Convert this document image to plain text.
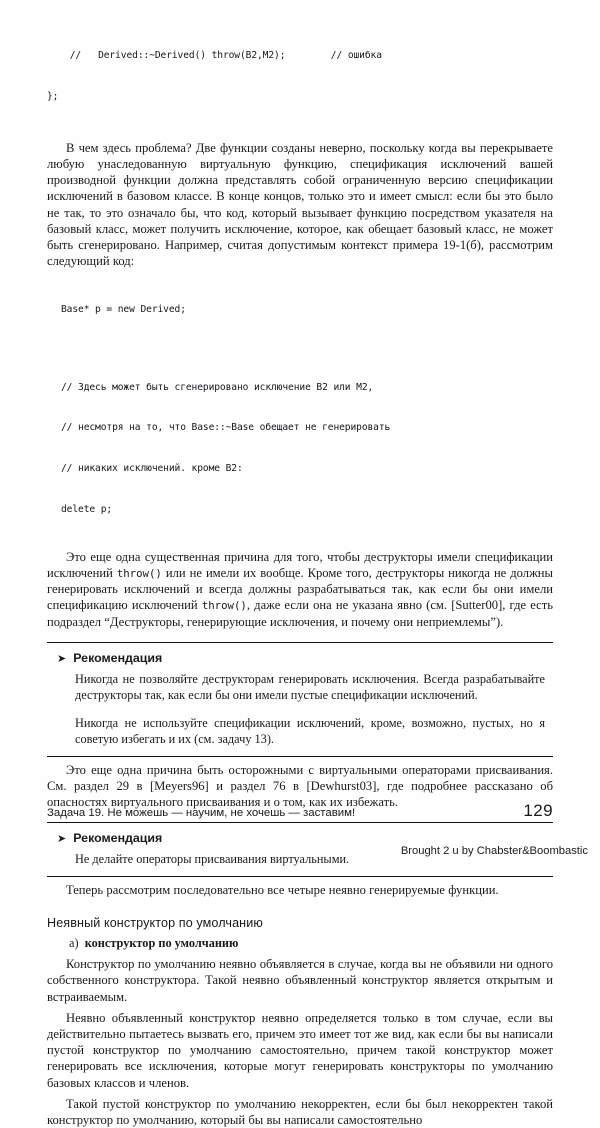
//   Derived::~Derived() throw(B2,M2);        // ошибка

};

В чем здесь проблема? Две функции созданы неверно, поскольку когда вы перекрываете любую унаследованную виртуальную функцию, спецификация исключений вашей производной функции должна представлять собой ограниченную версию спецификации исключений в базовом классе. В конце концов, только это и имеет смысл: если бы это было не так, то это означало бы, что код, который вызывает функцию посредством указателя на базовый класс, может получить исключение, которое, как обещает базовый класс, не может быть сгенерировано. Например, считая допустимым контекст примера 19-1(б), рассмотрим следующий код:

Base* p = new Derived;

// Здесь может быть сгенерировано исключение B2 или M2,

// несмотря на то, что Base::~Base обещает не генерировать

// никаких исключений. кроме B2:

delete p;

Это еще одна существенная причина для того, чтобы деструкторы имели спецификации исключений throw() или не имели их вообще. Кроме того, деструкторы никогда не должны генерировать исключений и всегда должны разрабатываться так, как если бы они имели спецификацию исключений throw(), даже если она не указана явно (см. [Sutter00], где есть подраздел “Деструкторы, генерирующие исключения, и почему они неприемлемы”).

➤ Рекомендация

Никогда не позволяйте деструкторам генерировать исключения. Всегда разрабатывайте деструкторы так, как если бы они имели пустые спецификации исключений.

Никогда не используйте спецификации исключений, кроме, возможно, пустых, но я советую избегать и их (см. задачу 13).

Это еще одна причина быть осторожными с виртуальными операторами присваивания. См. раздел 29 в [Meyers96] и раздел 76 в [Dewhurst03], где подробнее рассказано об опасностях виртуального присваивания и о том, как их избежать.

➤ Рекомендация

Не делайте операторы присваивания виртуальными.

Теперь рассмотрим последовательно все четыре неявно генерируемые функции.

Неявный конструктор по умолчанию
а) конструктор по умолчанию

Конструктор по умолчанию неявно объявляется в случае, когда вы не объявили ни одного собственного конструктора. Такой неявно объявленный конструктор является открытым и встраиваемым.

Неявно объявленный конструктор неявно определяется только в том случае, если вы действительно пытаетесь вызвать его, причем это имеет тот же вид, как если бы вы написали пустой конструктор по умолчанию самостоятельно, причем такой конструктор может генерировать все исключения, которые могут генерировать конструкторы по умолчанию базовых классов и членов.

Такой пустой конструктор по умолчанию некорректен, если бы был некорректен такой конструктор по умолчанию, который бы вы написали самостоятельно

Задача 19. Не можешь — научим, не хочешь — заставим!	129
Brought 2 u by Chabster&Boombastic
